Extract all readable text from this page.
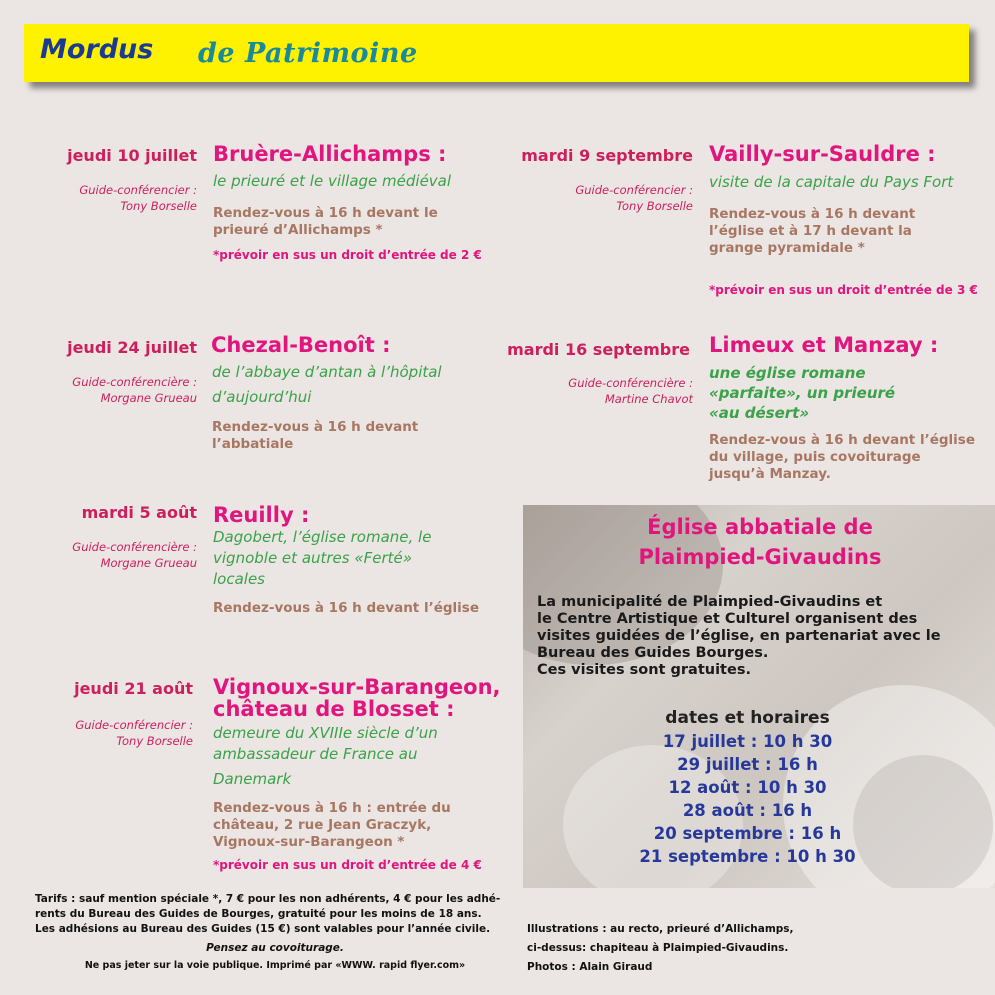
Mordus de Patrimoine
jeudi 10 juillet
Guide-conférencier :
Tony Borselle
Bruère-Allichamps :
le prieuré et le village médiéval
Rendez-vous à 16 h devant le
prieuré d’Allichamps *
*prévoir en sus un droit d’entrée de 2 €
jeudi 24 juillet
Guide-conférencière :
Morgane Grueau
Chezal-Benoît :
de l’abbaye d’antan à l’hôpital
d’aujourd’hui
Rendez-vous à 16 h devant
l’abbatiale
mardi 5 août
Guide-conférencière :
Morgane Grueau
Reuilly :
Dagobert, l’église romane, le
vignoble et autres «Ferté»
locales
Rendez-vous à 16 h devant l’église
jeudi 21 août
Guide-conférencier :
Tony Borselle
Vignoux-sur-Barangeon,
château de Blosset :
demeure du XVIIIe siècle d’un
ambassadeur de France au
Danemark
Rendez-vous à 16 h : entrée du
château, 2 rue Jean Graczyk,
Vignoux-sur-Barangeon *
*prévoir en sus un droit d’entrée de 4 €
mardi 9 septembre
Guide-conférencier :
Tony Borselle
Vailly-sur-Sauldre :
visite de la capitale du Pays Fort
Rendez-vous à 16 h devant
l’église et à 17 h devant la
grange pyramidale *
*prévoir en sus un droit d’entrée de 3 €
mardi 16 septembre
Guide-conférencière :
Martine Chavot
Limeux et Manzay :
une église romane
«parfaite», un prieuré
«au désert»
Rendez-vous à 16 h devant l’église
du village, puis covoiturage
jusqu’à Manzay.
Église abbatiale de
Plaimpied-Givaudins
La municipalité de Plaimpied-Givaudins et
le Centre Artistique et Culturel organisent des
visites guidées de l’église, en partenariat avec le
Bureau des Guides Bourges.
Ces visites sont gratuites.
dates et horaires
17 juillet : 10 h 30
29 juillet : 16 h
12 août : 10 h 30
28 août : 16 h
20 septembre : 16 h
21 septembre : 10 h 30
Tarifs : sauf mention spéciale *, 7 € pour les non adhérents, 4 € pour les adhé-
rents du Bureau des Guides de Bourges, gratuité pour les moins de 18 ans.
Les adhésions au Bureau des Guides (15 €) sont valables pour l’année civile.
Pensez au covoiturage.
Ne pas jeter sur la voie publique. Imprimé par «WWW. rapid flyer.com»
Illustrations : au recto, prieuré d’Allichamps,
ci-dessus: chapiteau à Plaimpied-Givaudins.
Photos : Alain Giraud
